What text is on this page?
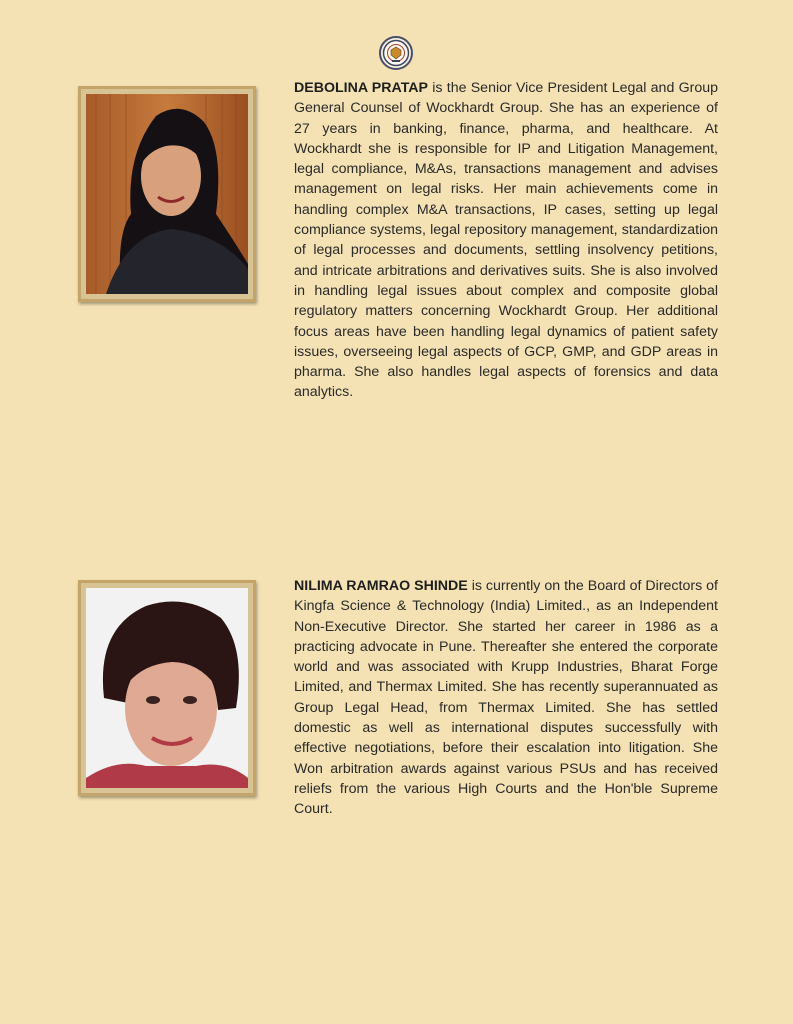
DEBOLINA PRATAP is the Senior Vice President Legal and Group General Counsel of Wockhardt Group. She has an experience of 27 years in banking, finance, pharma, and healthcare. At Wockhardt she is responsible for IP and Litigation Management, legal compliance, M&As, transactions management and advises management on legal risks. Her main achievements come in handling complex M&A transactions, IP cases, setting up legal compliance systems, legal repository management, standardization of legal processes and documents, settling insolvency petitions, and intricate arbitrations and derivatives suits. She is also involved in handling legal issues about complex and composite global regulatory matters concerning Wockhardt Group. Her additional focus areas have been handling legal dynamics of patient safety issues, overseeing legal aspects of GCP, GMP, and GDP areas in pharma. She also handles legal aspects of forensics and data analytics.

NILIMA RAMRAO SHINDE is currently on the Board of Directors of Kingfa Science & Technology (India) Limited., as an Independent Non-Executive Director. She started her career in 1986 as a practicing advocate in Pune. Thereafter she entered the corporate world and was associated with Krupp Industries, Bharat Forge Limited, and Thermax Limited. She has recently superannuated as Group Legal Head, from Thermax Limited. She has settled domestic as well as international disputes successfully with effective negotiations, before their escalation into litigation. She Won arbitration awards against various PSUs and has received reliefs from the various High Courts and the Hon'ble Supreme Court.
